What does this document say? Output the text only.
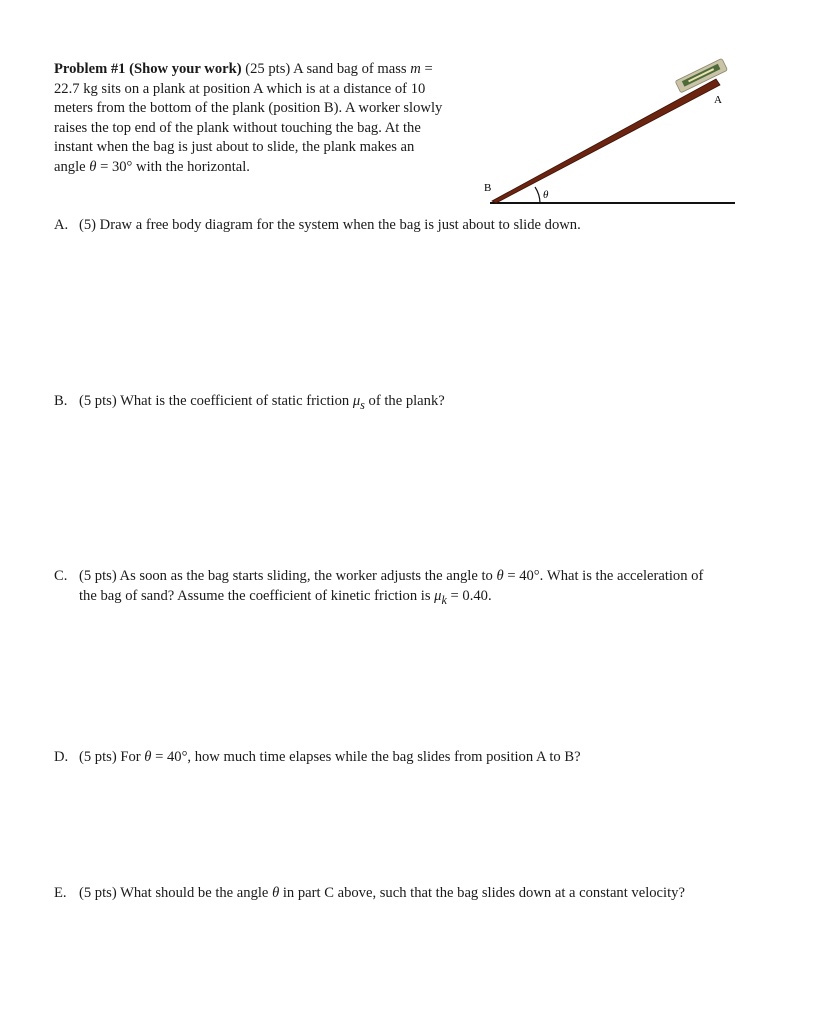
Problem #1 (Show your work) (25 pts) A sand bag of mass m =
22.7 kg sits on a plank at position A which is at a distance of 10
meters from the bottom of the plank (position B). A worker slowly
raises the top end of the plank without touching the bag. At the
instant when the bag is just about to slide, the plank makes an
angle θ = 30° with the horizontal.
A
B
θ
A. (5) Draw a free body diagram for the system when the bag is just about to slide down.
B. (5 pts) What is the coefficient of static friction $\mu_s$ of the plank?
C. (5 pts) As soon as the bag starts sliding, the worker adjusts the angle to θ = 40°. What is the acceleration of
the bag of sand? Assume the coefficient of kinetic friction is $\mu_k = 0.40$.
D. (5 pts) For θ = 40°, how much time elapses while the bag slides from position A to B?
E. (5 pts) What should be the angle θ in part C above, such that the bag slides down at a constant velocity?
